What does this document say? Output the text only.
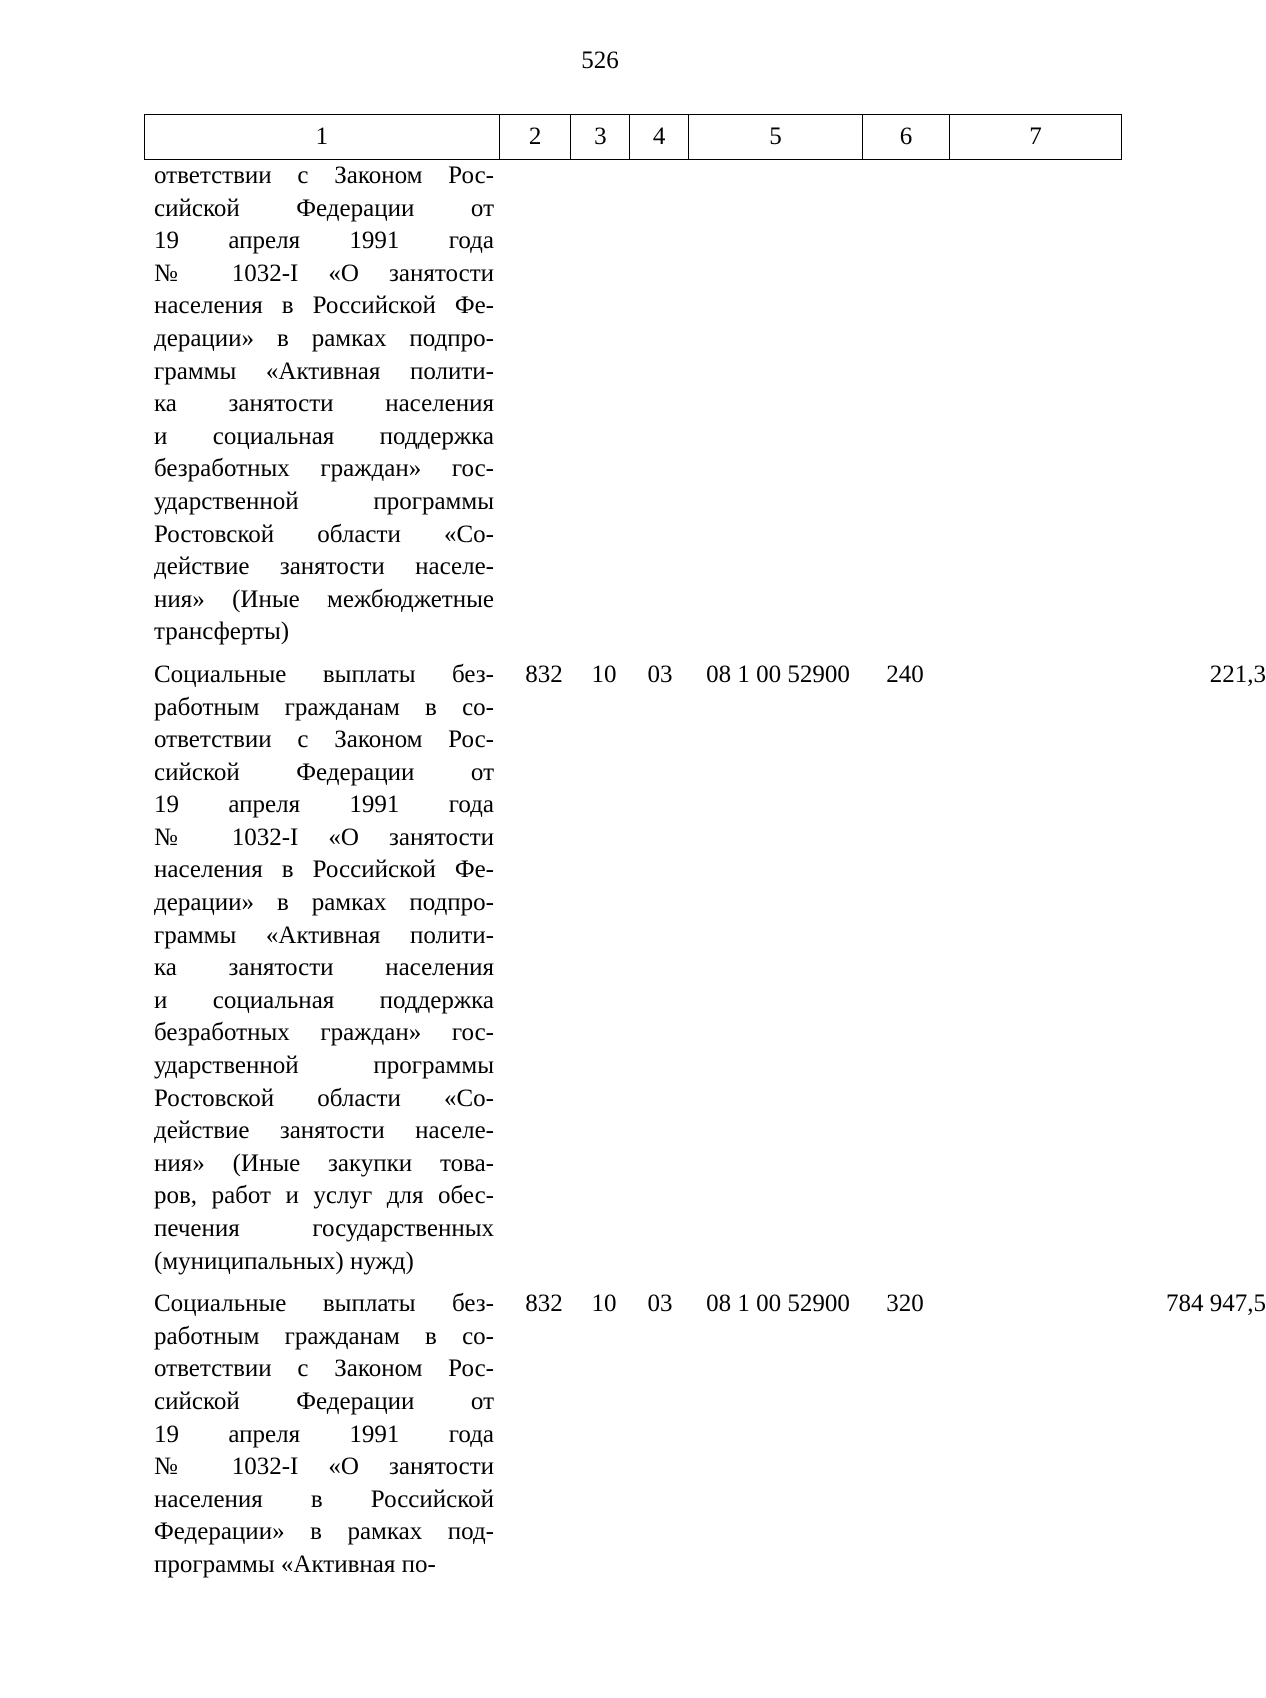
526
1	2	3	4	5	6	7
ответствии с Законом Рос-
сийской Федерации от
19 апреля 1991 года
№ 1032-I «О занятости
населения в Российской Фе-
дерации» в рамках подпро-
граммы «Активная полити-
ка занятости населения
и социальная поддержка
безработных граждан» гос-
ударственной программы
Ростовской области «Со-
действие занятости населе-
ния» (Иные межбюджетные
трансферты)
Социальные выплаты без-
работным гражданам в со-
ответствии с Законом Рос-
сийской Федерации от
19 апреля 1991 года
№ 1032-I «О занятости
населения в Российской Фе-
дерации» в рамках подпро-
граммы «Активная полити-
ка занятости населения
и социальная поддержка
безработных граждан» гос-
ударственной программы
Ростовской области «Со-
действие занятости населе-
ния» (Иные закупки това-
ров, работ и услуг для обес-
печения государственных
(муниципальных) нужд)
832	10	03	08 1 00 52900	240	221,3
Социальные выплаты без-
работным гражданам в со-
ответствии с Законом Рос-
сийской Федерации от
19 апреля 1991 года
№ 1032-I «О занятости
населения в Российской
Федерации» в рамках под-
программы «Активная по-
832	10	03	08 1 00 52900	320	784 947,5
